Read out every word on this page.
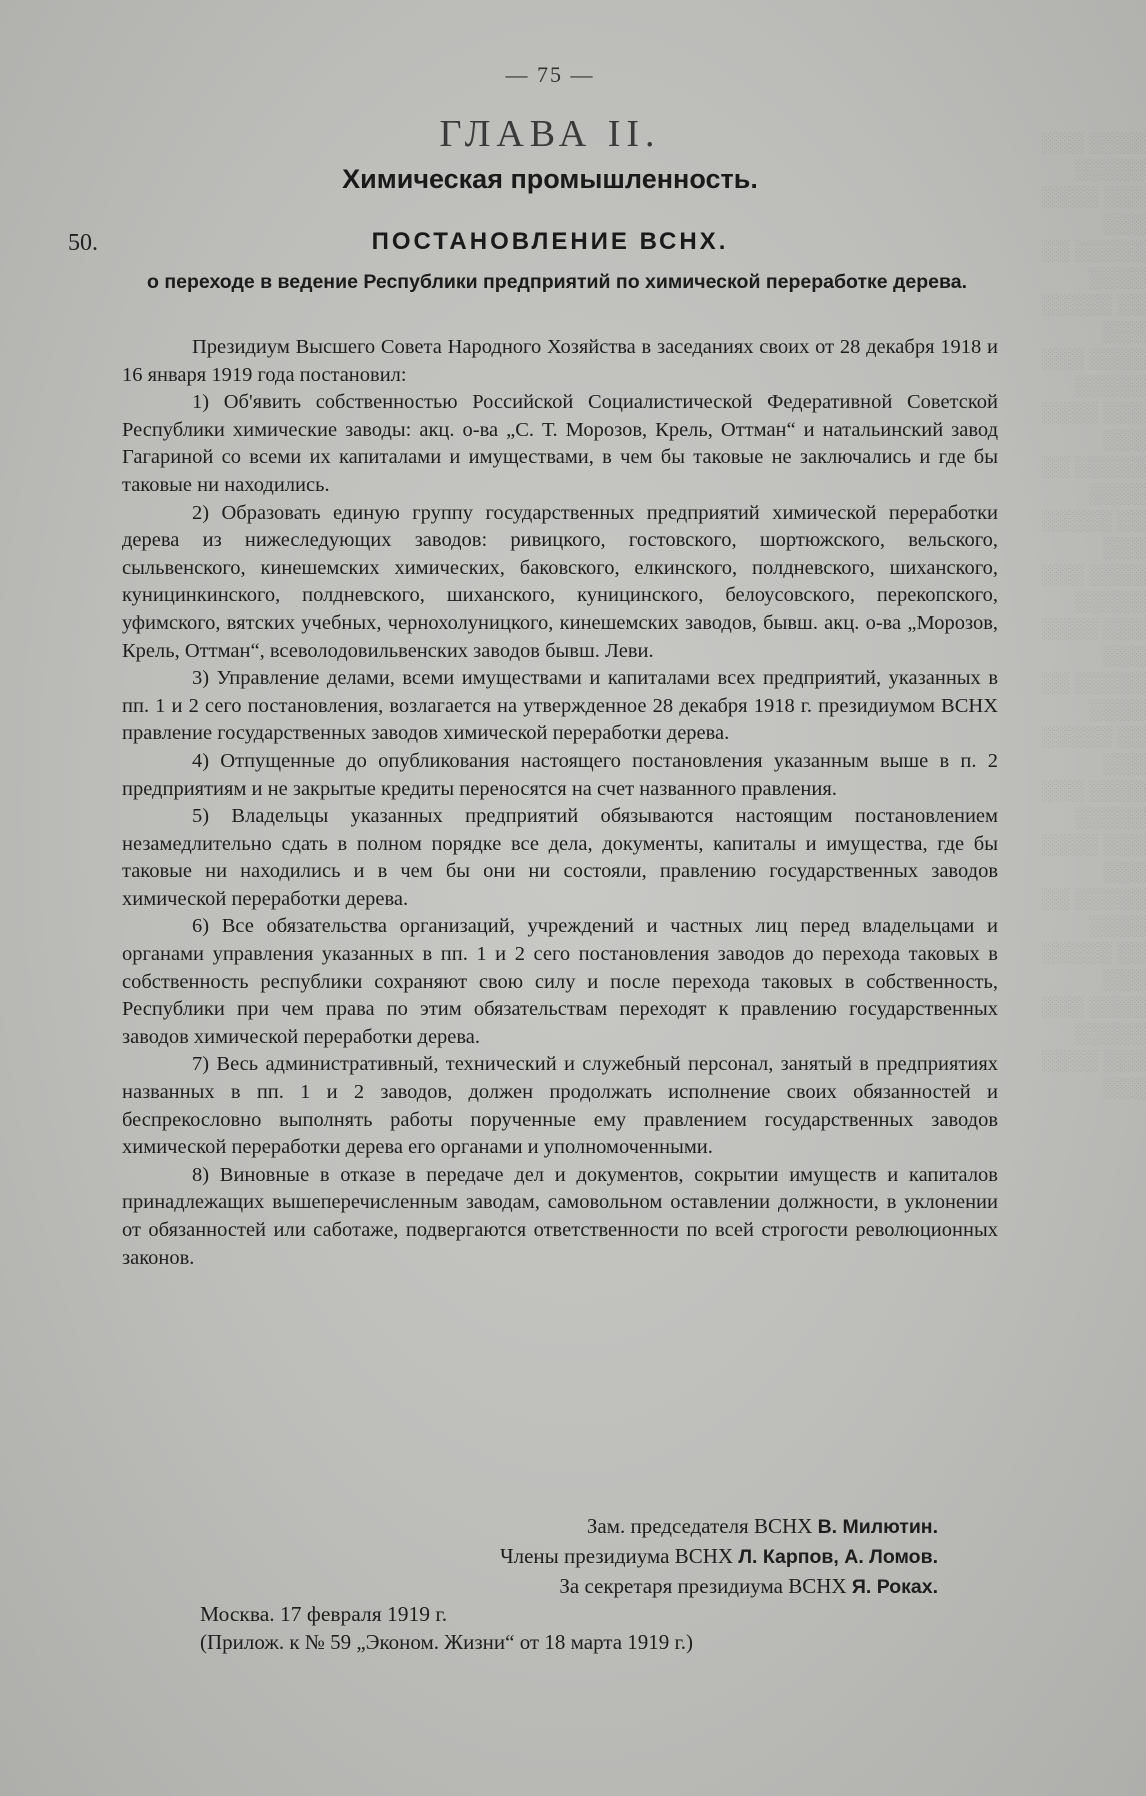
░░░░ ░░░ ░░░░░
░░░ ░░░░ ░░░
░░░░░ ░░ ░░░░
░░ ░░░░░ ░░░
░░░░ ░░░ ░░░░░
░░░ ░░░░ ░░░
░░░░░ ░░ ░░░░
░░ ░░░░░ ░░░
░░░░ ░░░ ░░░░░
░░░ ░░░░ ░░░
░░░░░ ░░ ░░░░
░░ ░░░░░ ░░░
░░░░ ░░░ ░░░░░
░░░ ░░░░ ░░░
░░░░░ ░░ ░░░░
░░ ░░░░░ ░░░
░░░░ ░░░ ░░░░░
░░░ ░░░░ ░░░
— 75 —
ГЛАВА II.
Химическая промышленность.
50.	ПОСТАНОВЛЕНИЕ ВСНХ.
о переходе в ведение Республики предприятий по химической переработке дерева.

Президиум Высшего Совета Народного Хозяйства в заседаниях своих от 28 декабря 1918 и 16 января 1919 года постановил:

1) Об'явить собственностью Российской Социалистической Федеративной Советской Республики химические заводы: акц. о-ва „С. Т. Морозов, Крель, Оттман“ и натальинский завод Гагариной со всеми их капиталами и имуществами, в чем бы таковые не заключались и где бы таковые ни находились.

2) Образовать единую группу государственных предприятий химической переработки дерева из нижеследующих заводов: ривицкого, гостовского, шортюжского, вельского, сыльвенского, кинешемских химических, баковского, елкинского, полдневского, шиханского, куницинкинского, полдневского, шиханского, куницинского, белоусовского, перекопского, уфимского, вятских учебных, чернохолуницкого, кинешемских заводов, бывш. акц. о-ва „Морозов, Крель, Оттман“, всеволодовильвенских заводов бывш. Леви.

3) Управление делами, всеми имуществами и капиталами всех предприятий, указанных в пп. 1 и 2 сего постановления, возлагается на утвержденное 28 декабря 1918 г. президиумом ВСНХ правление государственных заводов химической переработки дерева.

4) Отпущенные до опубликования настоящего постановления указанным выше в п. 2 предприятиям и не закрытые кредиты переносятся на счет названного правления.

5) Владельцы указанных предприятий обязываются настоящим постановлением незамедлительно сдать в полном порядке все дела, документы, капиталы и имущества, где бы таковые ни находились и в чем бы они ни состояли, правлению государственных заводов химической переработки дерева.

6) Все обязательства организаций, учреждений и частных лиц перед владельцами и органами управления указанных в пп. 1 и 2 сего постановления заводов до перехода таковых в собственность республики сохраняют свою силу и после перехода таковых в собственность, Республики при чем права по этим обязательствам переходят к правлению государственных заводов химической переработки дерева.

7) Весь административный, технический и служебный персонал, занятый в предприятиях названных в пп. 1 и 2 заводов, должен продолжать исполнение своих обязанностей и беспрекословно выполнять работы порученные ему правлением государственных заводов химической переработки дерева его органами и уполномоченными.

8) Виновные в отказе в передаче дел и документов, сокрытии имуществ и капиталов принадлежащих вышеперечисленным заводам, самовольном оставлении должности, в уклонении от обязанностей или саботаже, подвергаются ответственности по всей строгости революционных законов.

Зам. председателя ВСНХ В. Милютин.
Члены президиума ВСНХ Л. Карпов, А. Ломов.
За секретаря президиума ВСНХ Я. Роках.
Москва. 17 февраля 1919 г.
(Прилож. к № 59 „Эконом. Жизни“ от 18 марта 1919 г.)
